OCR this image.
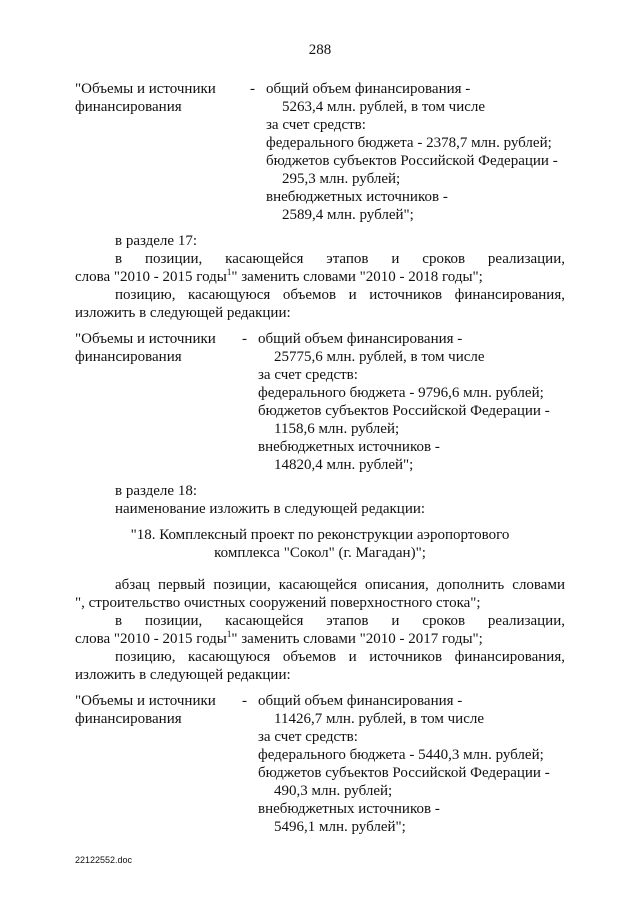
288
"Объемы и источники
финансирования
- общий объем финансирования -
5263,4 млн. рублей, в том числе
за счет средств:
федерального бюджета - 2378,7 млн. рублей;
бюджетов субъектов Российской Федерации -
295,3 млн. рублей;
внебюджетных источников -
2589,4 млн. рублей";
в разделе 17:
в позиции, касающейся этапов и сроков реализации,
слова "2010 - 2015 годы$^1$" заменить словами "2010 - 2018 годы";
позицию, касающуюся объемов и источников финансирования,
изложить в следующей редакции:
"Объемы и источники
финансирования
- общий объем финансирования -
25775,6 млн. рублей, в том числе
за счет средств:
федерального бюджета - 9796,6 млн. рублей;
бюджетов субъектов Российской Федерации -
1158,6 млн. рублей;
внебюджетных источников -
14820,4 млн. рублей";
в разделе 18:
наименование изложить в следующей редакции:
"18. Комплексный проект по реконструкции аэропортового
комплекса "Сокол" (г. Магадан)";
абзац первый позиции, касающейся описания, дополнить словами
", строительство очистных сооружений поверхностного стока";
в позиции, касающейся этапов и сроков реализации,
слова "2010 - 2015 годы$^1$" заменить словами "2010 - 2017 годы";
позицию, касающуюся объемов и источников финансирования,
изложить в следующей редакции:
"Объемы и источники
финансирования
- общий объем финансирования -
11426,7 млн. рублей, в том числе
за счет средств:
федерального бюджета - 5440,3 млн. рублей;
бюджетов субъектов Российской Федерации -
490,3 млн. рублей;
внебюджетных источников -
5496,1 млн. рублей";
22122552.doc
